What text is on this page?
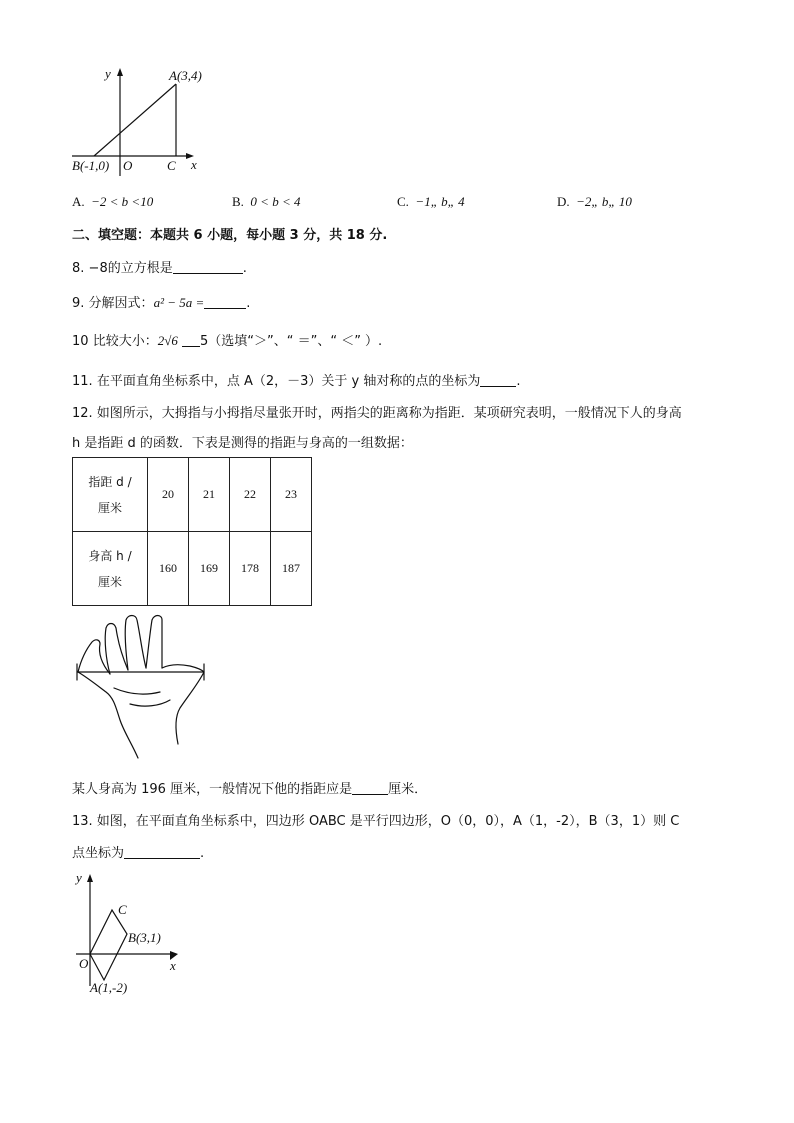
y	A(3,4)
B(-1,0) O	C x
A. −2 < b <10	B. 0 < b < 4	C. −1„ b„ 4	D. −2„ b„ 10
二、填空题：本题共 6 小题，每小题 3 分，共 18 分.
8. −8的立方根是	.
9. 分解因式：a² − 5a =	.
10 比较大小：2√6 5（选填“＞”、“ ＝”、“ ＜” ）.
11. 在平面直角坐标系中，点 A（2，－3）关于 y 轴对称的点的坐标为	.
12. 如图所示，大拇指与小拇指尽量张开时，两指尖的距离称为指距．某项研究表明，一般情况下人的身高
h 是指距 d 的函数．下表是测得的指距与身高的一组数据：
指距 d /
厘米	20	21	22	23

身高 h /
厘米	160	169	178	187
某人身高为 196 厘米，一般情况下他的指距应是	厘米．
13. 如图，在平面直角坐标系中，四边形 OABC 是平行四边形，O（0，0），A（1，-2），B（3，1）则 C
点坐标为	.
y
C
B(3,1)
O	x
A(1,-2)
